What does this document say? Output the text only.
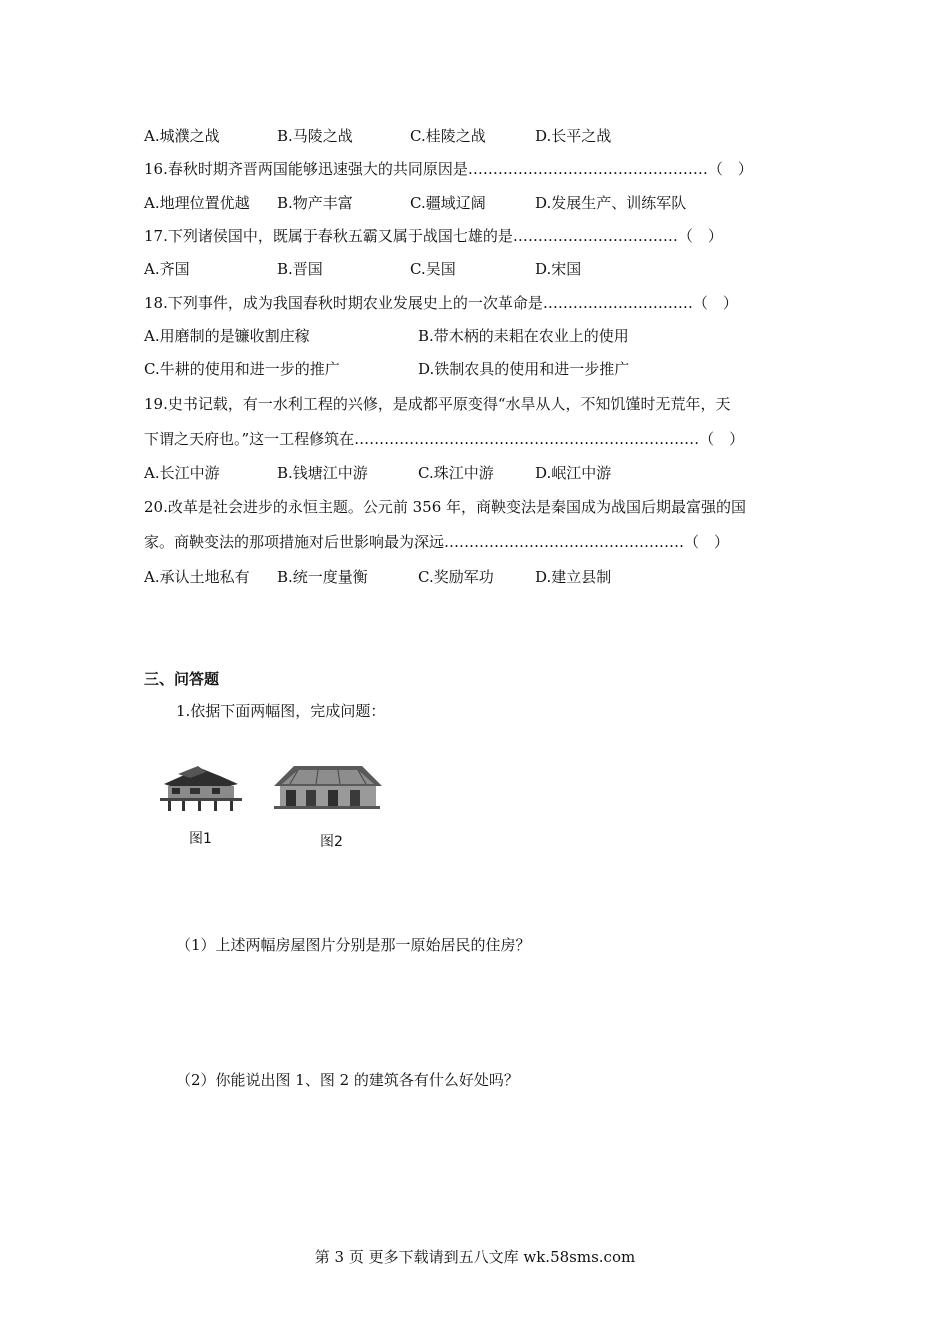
A.城濮之战	B.马陵之战	C.桂陵之战	D.长平之战
16.春秋时期齐晋两国能够迅速强大的共同原因是…………………………………………（　）
A.地理位置优越 B.物产丰富	C.疆域辽阔	D.发展生产、训练军队
17.下列诸侯国中，既属于春秋五霸又属于战国七雄的是……………………………（　）
A.齐国	B.晋国	C.吴国	D.宋国
18.下列事件，成为我国春秋时期农业发展史上的一次革命是…………………………（　）
A.用磨制的是镰收割庄稼	B.带木柄的耒耜在农业上的使用
C.牛耕的使用和进一步的推广	D.铁制农具的使用和进一步推广
19.史书记载，有一水利工程的兴修，是成都平原变得“水旱从人，不知饥馑时无荒年，天
下谓之天府也。”这一工程修筑在……………………………………………………………（　）
A.长江中游	B.钱塘江中游	C.珠江中游	D.岷江中游
20.改革是社会进步的永恒主题。公元前 356 年，商鞅变法是秦国成为战国后期最富强的国
家。商鞅变法的那项措施对后世影响最为深远…………………………………………（　）
A.承认土地私有 B.统一度量衡	C.奖励军功	D.建立县制
三、问答题
1.依据下面两幅图，完成问题：
图1	图2
（1）上述两幅房屋图片分别是那一原始居民的住房？
（2）你能说出图 1、图 2 的建筑各有什么好处吗？
第 3 页 更多下载请到五八文库 wk.58sms.com
